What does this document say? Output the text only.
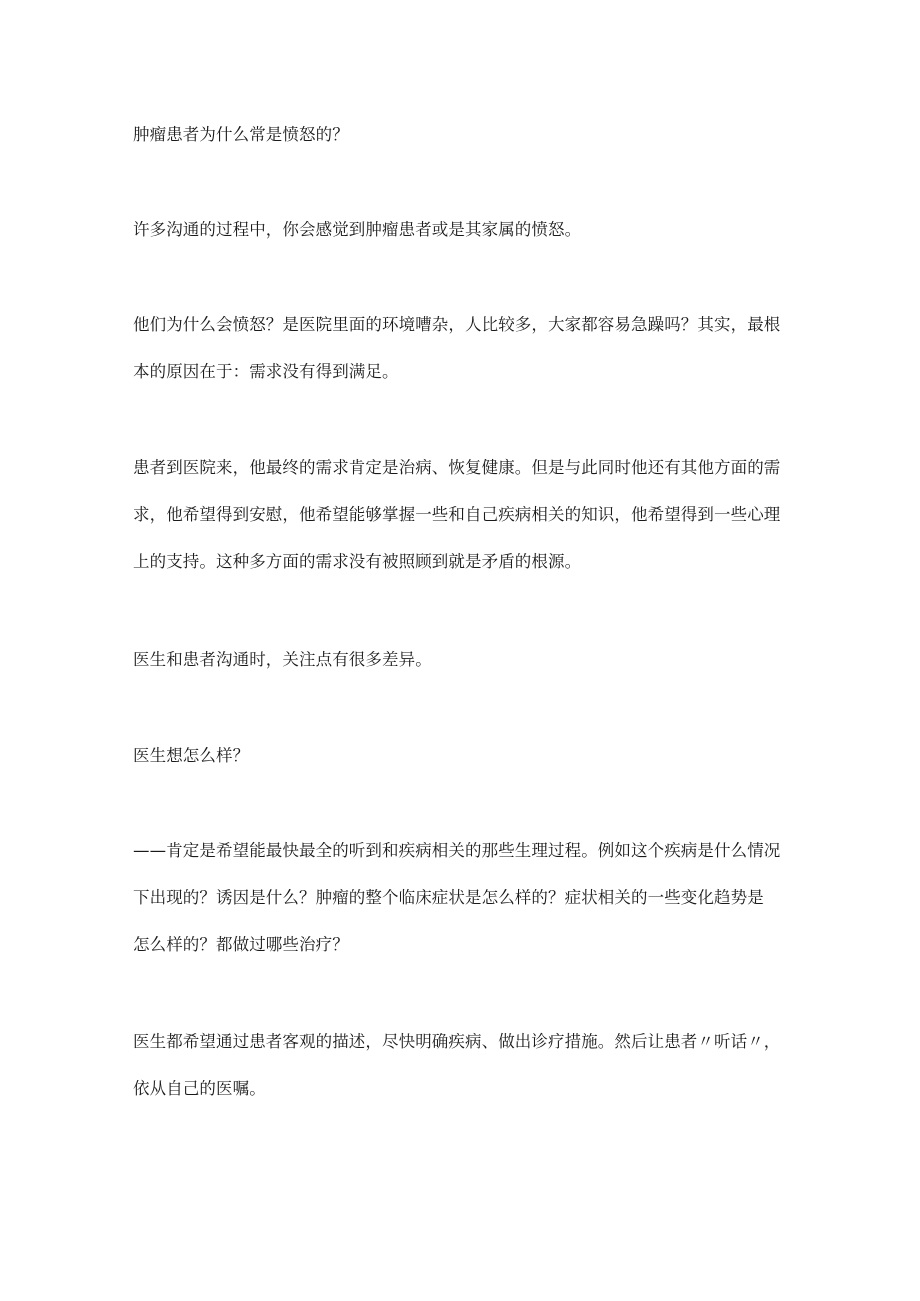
肿瘤患者为什么常是愤怒的？

许多沟通的过程中，你会感觉到肿瘤患者或是其家属的愤怒。

他们为什么会愤怒？是医院里面的环境嘈杂，人比较多，大家都容易急躁吗？其实，最根
本的原因在于：需求没有得到满足。

患者到医院来，他最终的需求肯定是治病、恢复健康。但是与此同时他还有其他方面的需
求，他希望得到安慰，他希望能够掌握一些和自己疾病相关的知识，他希望得到一些心理
上的支持。这种多方面的需求没有被照顾到就是矛盾的根源。

医生和患者沟通时，关注点有很多差异。

医生想怎么样？

——肯定是希望能最快最全的听到和疾病相关的那些生理过程。例如这个疾病是什么情况
下出现的？诱因是什么？肿瘤的整个临床症状是怎么样的？症状相关的一些变化趋势是
怎么样的？都做过哪些治疗？

医生都希望通过患者客观的描述，尽快明确疾病、做出诊疗措施。然后让患者〃听话〃，
依从自己的医嘱。
